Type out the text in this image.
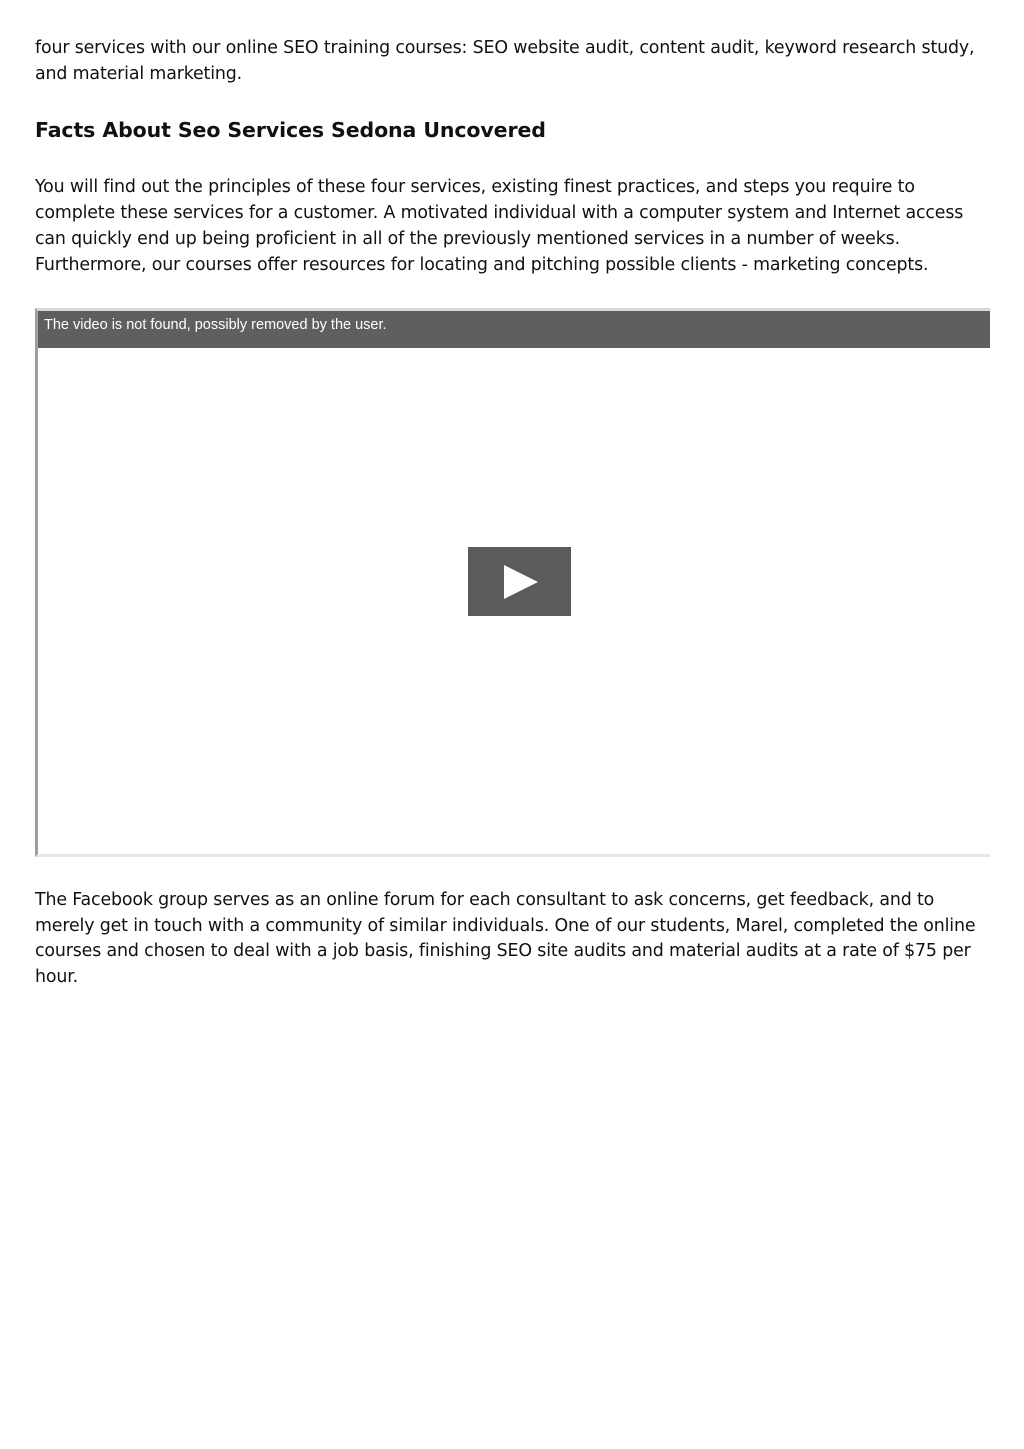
four services with our online SEO training courses: SEO website audit, content audit, keyword research study, and material marketing.

Facts About Seo Services Sedona Uncovered

You will find out the principles of these four services, existing finest practices, and steps you require to complete these services for a customer. A motivated individual with a computer system and Internet access can quickly end up being proficient in all of the previously mentioned services in a number of weeks. Furthermore, our courses offer resources for locating and pitching possible clients - marketing concepts.

The video is not found, possibly removed by the user.

The Facebook group serves as an online forum for each consultant to ask concerns, get feedback, and to merely get in touch with a community of similar individuals. One of our students, Marel, completed the online courses and chosen to deal with a job basis, finishing SEO site audits and material audits at a rate of $75 per hour.
